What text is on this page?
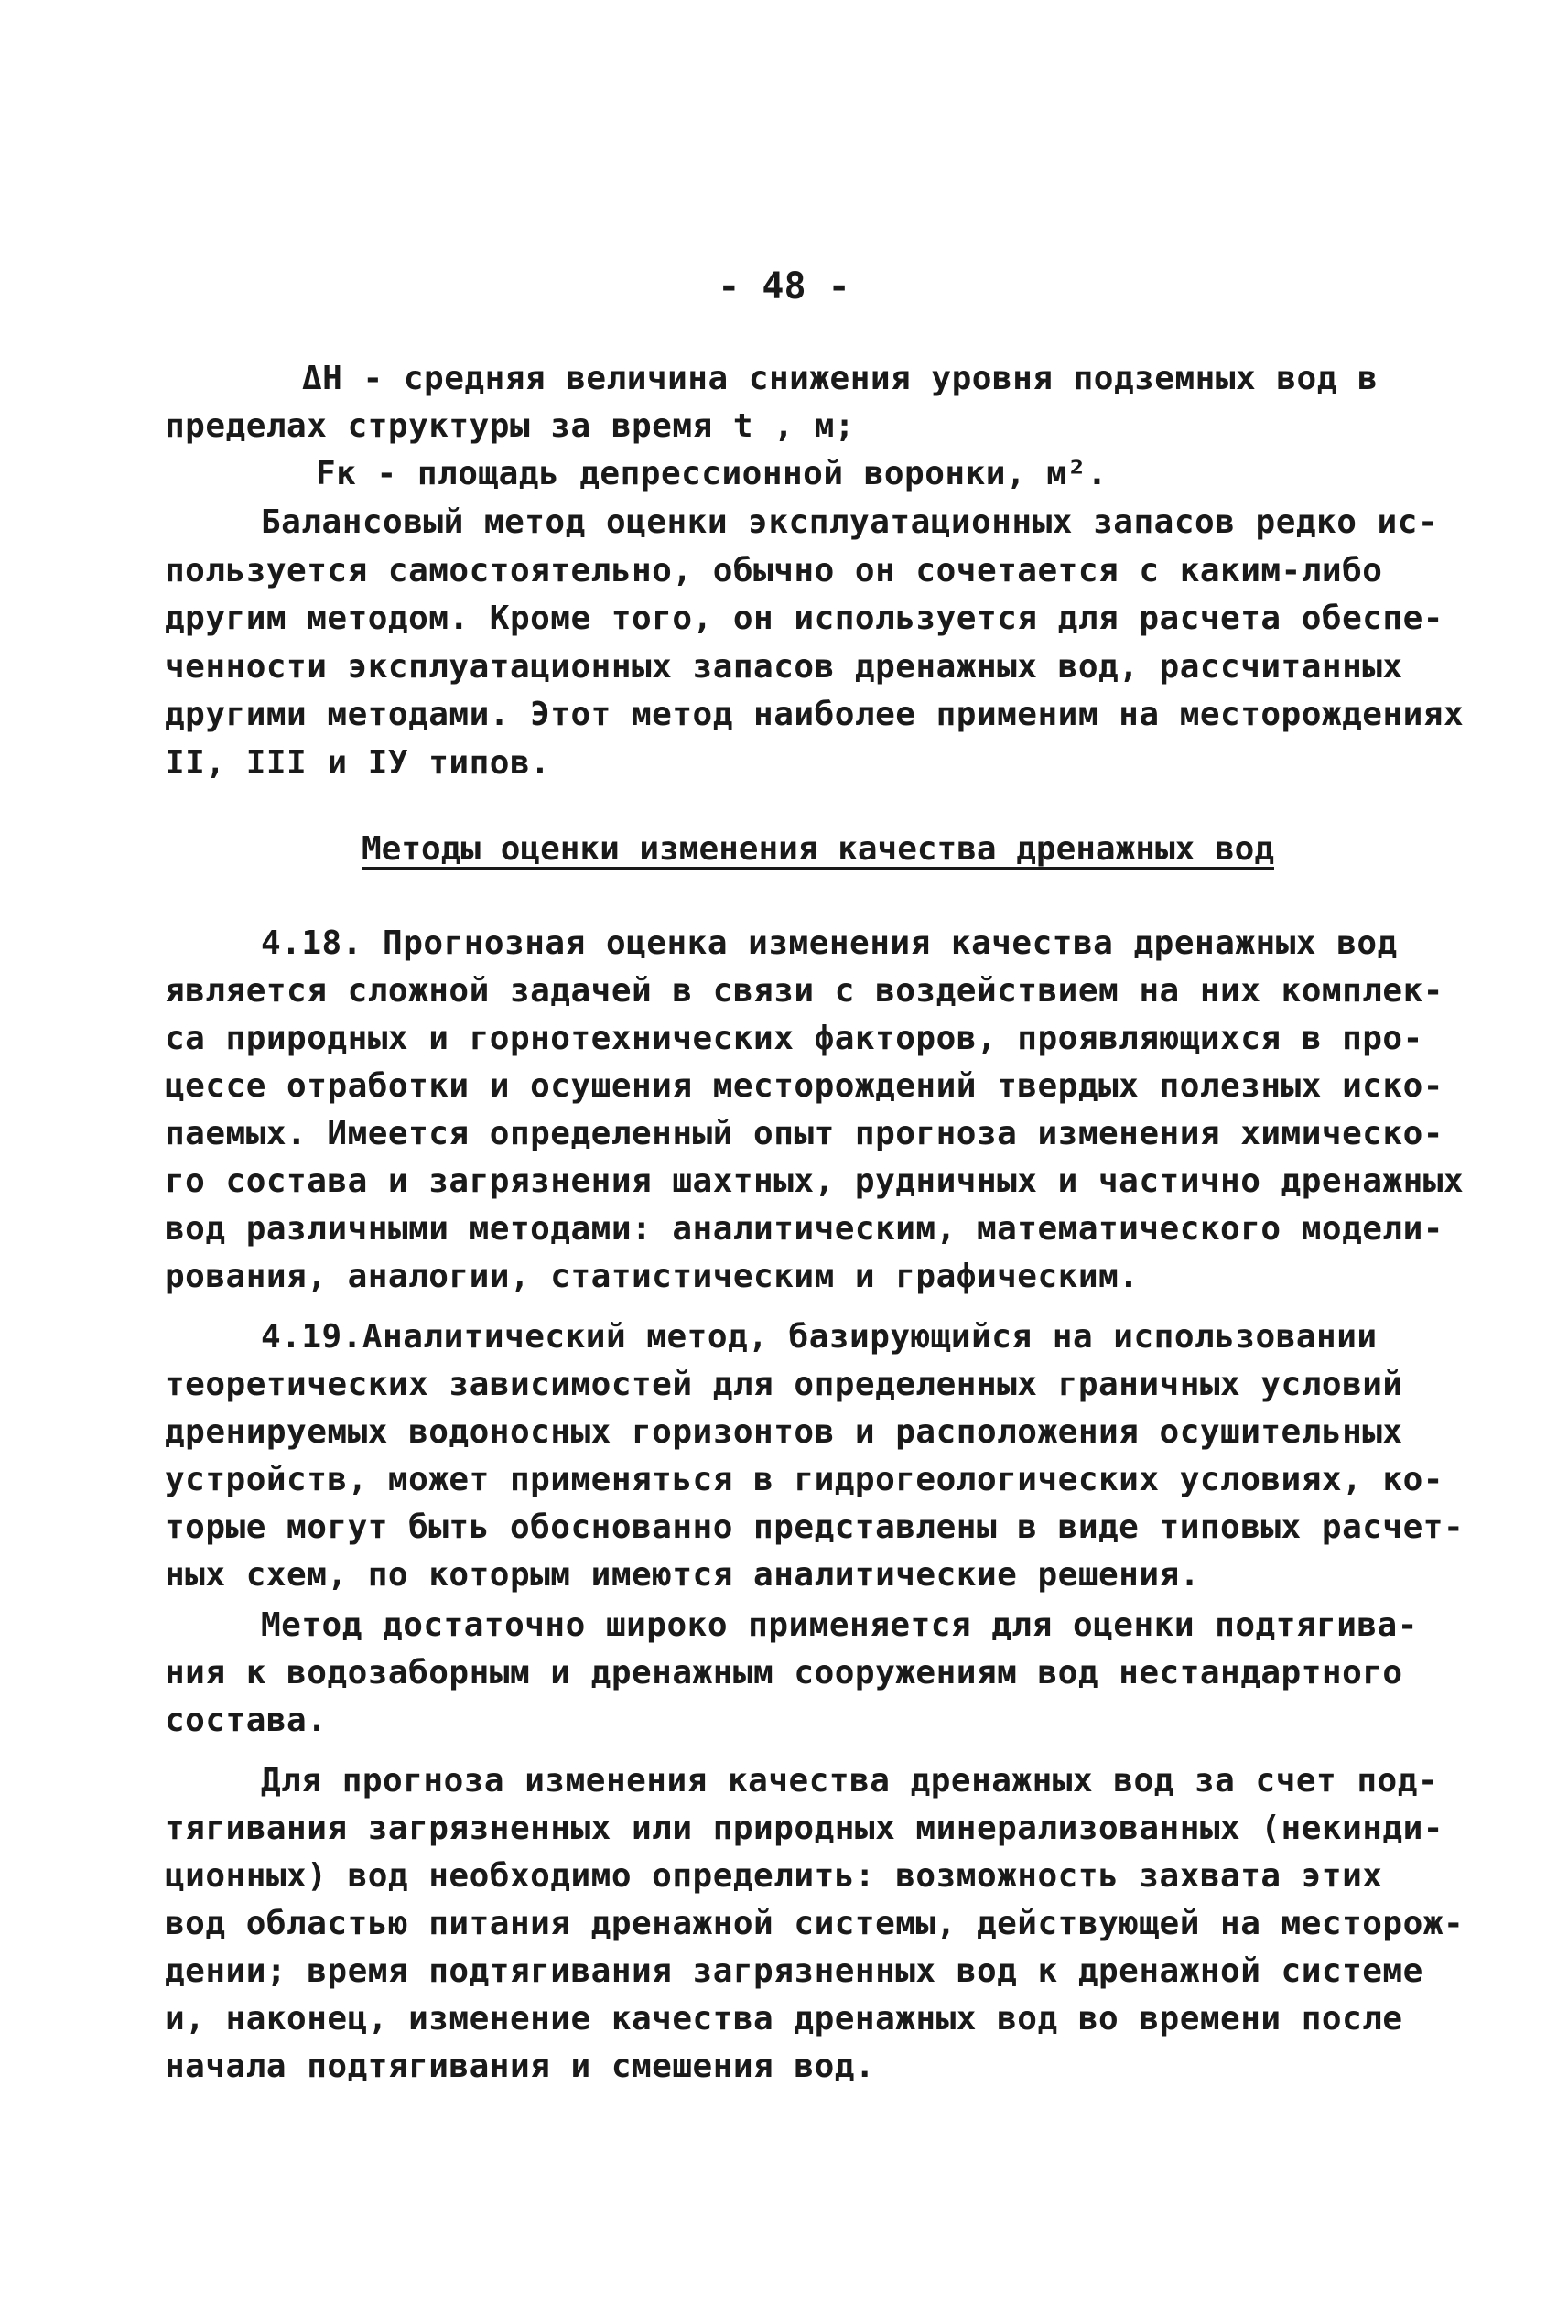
- 48 -
ΔH - средняя величина снижения уровня подземных вод в
пределах структуры за время t , м;
Fк - площадь депрессионной воронки, м².
Балансовый метод оценки эксплуатационных запасов редко ис-
пользуется самостоятельно, обычно он сочетается с каким-либо
другим методом. Кроме того, он используется для расчета обеспе-
ченности эксплуатационных запасов дренажных вод, рассчитанных
другими методами. Этот метод наиболее применим на месторождениях
II, III и IУ типов.
Методы оценки изменения качества дренажных вод
4.18. Прогнозная оценка изменения качества дренажных вод
является сложной задачей в связи с воздействием на них комплек-
са природных и горнотехнических факторов, проявляющихся в про-
цессе отработки и осушения месторождений твердых полезных иско-
паемых. Имеется определенный опыт прогноза изменения химическо-
го состава и загрязнения шахтных, рудничных и частично дренажных
вод различными методами: аналитическим, математического модели-
рования, аналогии, статистическим и графическим.
4.19.Аналитический метод, базирующийся на использовании
теоретических зависимостей для определенных граничных условий
дренируемых водоносных горизонтов и расположения осушительных
устройств, может применяться в гидрогеологических условиях, ко-
торые могут быть обоснованно представлены в виде типовых расчет-
ных схем, по которым имеются аналитические решения.
Метод достаточно широко применяется для оценки подтягива-
ния к водозаборным и дренажным сооружениям вод нестандартного
состава.
Для прогноза изменения качества дренажных вод за счет под-
тягивания загрязненных или природных минерализованных (некинди-
ционных) вод необходимо определить: возможность захвата этих
вод областью питания дренажной системы, действующей на месторож-
дении; время подтягивания загрязненных вод к дренажной системе
и, наконец, изменение качества дренажных вод во времени после
начала подтягивания и смешения вод.
